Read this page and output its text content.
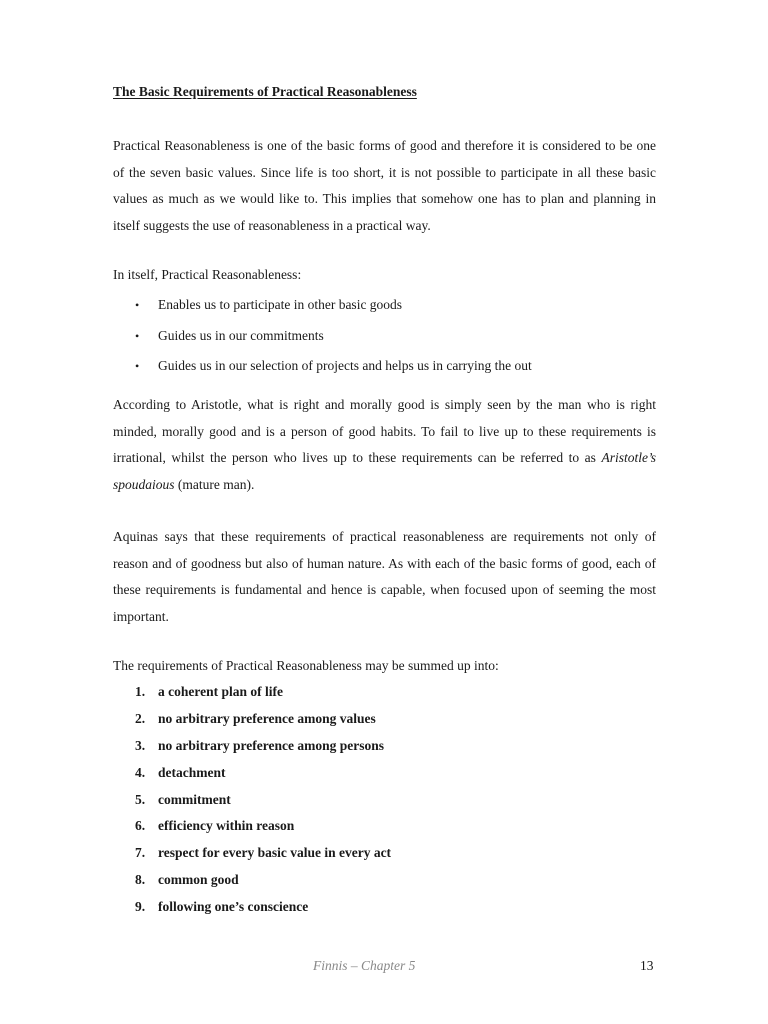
The Basic Requirements of Practical Reasonableness

Practical Reasonableness is one of the basic forms of good and therefore it is considered to be one of the seven basic values. Since life is too short, it is not possible to participate in all these basic values as much as we would like to. This implies that somehow one has to plan and planning in itself suggests the use of reasonableness in a practical way.

In itself, Practical Reasonableness:

• Enables us to participate in other basic goods
• Guides us in our commitments
• Guides us in our selection of projects and helps us in carrying the out

According to Aristotle, what is right and morally good is simply seen by the man who is right minded, morally good and is a person of good habits. To fail to live up to these requirements is irrational, whilst the person who lives up to these requirements can be referred to as Aristotle’s spoudaious (mature man).

Aquinas says that these requirements of practical reasonableness are requirements not only of reason and of goodness but also of human nature. As with each of the basic forms of good, each of these requirements is fundamental and hence is capable, when focused upon of seeming the most important.

The requirements of Practical Reasonableness may be summed up into:

1. a coherent plan of life
2. no arbitrary preference among values
3. no arbitrary preference among persons
4. detachment
5. commitment
6. efficiency within reason
7. respect for every basic value in every act
8. common good
9. following one’s conscience
Finnis – Chapter 5	13
